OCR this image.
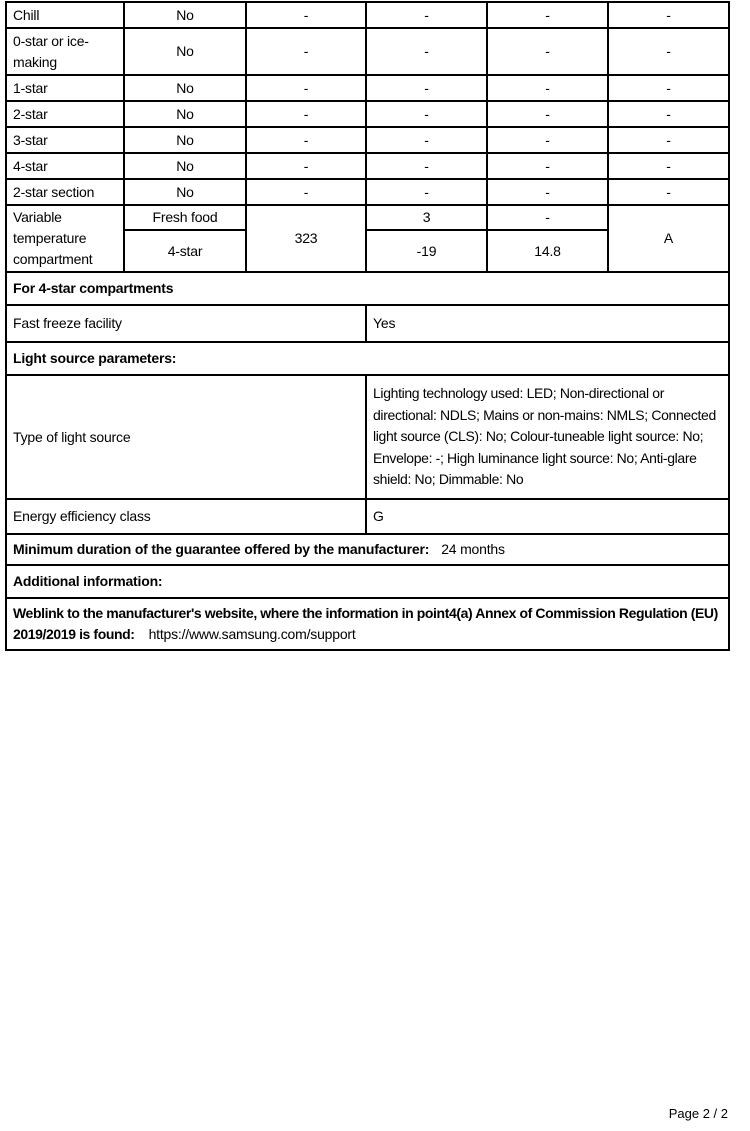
Chill	No	-	-	-	-
0-star or ice-making	No	-	-	-	-
1-star	No	-	-	-	-
2-star	No	-	-	-	-
3-star	No	-	-	-	-
4-star	No	-	-	-	-
2-star section	No	-	-	-	-
Variable temperature compartment	Fresh food	323	3	-	A
	4-star		-19	14.8	
For 4-star compartments					
Fast freeze facility			Yes		
Light source parameters:					
Type of light source			Lighting technology used: LED; Non-directional or directional: NDLS; Mains or non-mains: NMLS; Connected light source (CLS): No; Colour-tuneable light source: No; Envelope: -; High luminance light source: No; Anti-glare shield: No; Dimmable: No		
Energy efficiency class			G		
Minimum duration of the guarantee offered by the manufacturer: 24 months					
Additional information:					
Weblink to the manufacturer's website, where the information in point4(a) Annex of Commission Regulation (EU) 2019/2019 is found: https://www.samsung.com/support					
Page 2 / 2
